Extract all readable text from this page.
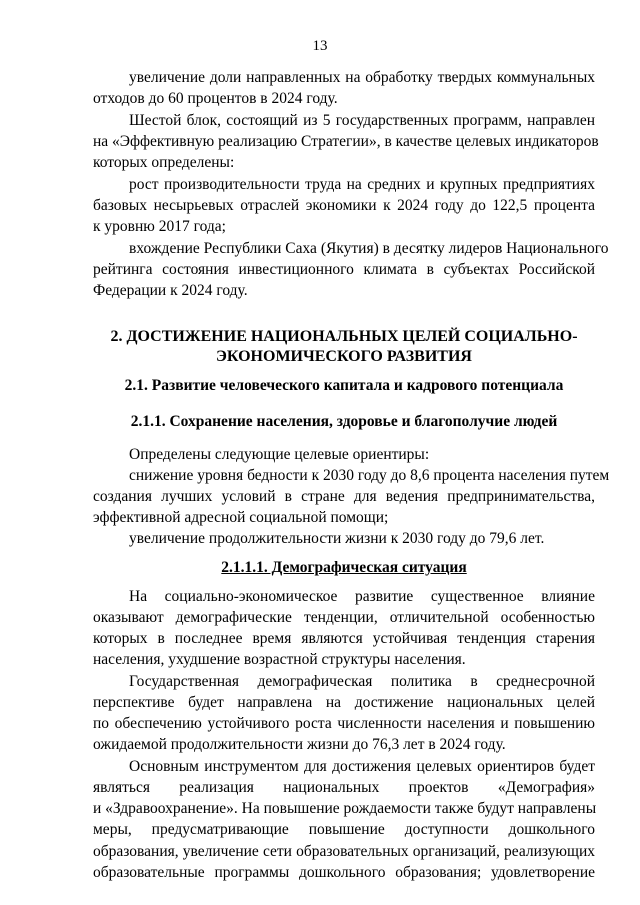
13
увеличение доли направленных на обработку твердых коммунальных
отходов до 60 процентов в 2024 году.
Шестой блок, состоящий из 5 государственных программ, направлен
на «Эффективную реализацию Стратегии», в качестве целевых индикаторов
которых определены:
рост производительности труда на средних и крупных предприятиях
базовых несырьевых отраслей экономики к 2024 году до 122,5 процента
к уровню 2017 года;
вхождение Республики Саха (Якутия) в десятку лидеров Национального
рейтинга состояния инвестиционного климата в субъектах Российской
Федерации к 2024 году.
2. ДОСТИЖЕНИЕ НАЦИОНАЛЬНЫХ ЦЕЛЕЙ СОЦИАЛЬНО-
ЭКОНОМИЧЕСКОГО РАЗВИТИЯ
2.1. Развитие человеческого капитала и кадрового потенциала
2.1.1. Сохранение населения, здоровье и благополучие людей
Определены следующие целевые ориентиры:
снижение уровня бедности к 2030 году до 8,6 процента населения путем
создания лучших условий в стране для ведения предпринимательства,
эффективной адресной социальной помощи;
увеличение продолжительности жизни к 2030 году до 79,6 лет.
2.1.1.1. Демографическая ситуация
На социально-экономическое развитие существенное влияние
оказывают демографические тенденции, отличительной особенностью
которых в последнее время являются устойчивая тенденция старения
населения, ухудшение возрастной структуры населения.
Государственная демографическая политика в среднесрочной
перспективе будет направлена на достижение национальных целей
по обеспечению устойчивого роста численности населения и повышению
ожидаемой продолжительности жизни до 76,3 лет в 2024 году.
Основным инструментом для достижения целевых ориентиров будет
являться реализация национальных проектов «Демография»
и «Здравоохранение». На повышение рождаемости также будут направлены
меры, предусматривающие повышение доступности дошкольного
образования, увеличение сети образовательных организаций, реализующих
образовательные программы дошкольного образования; удовлетворение
